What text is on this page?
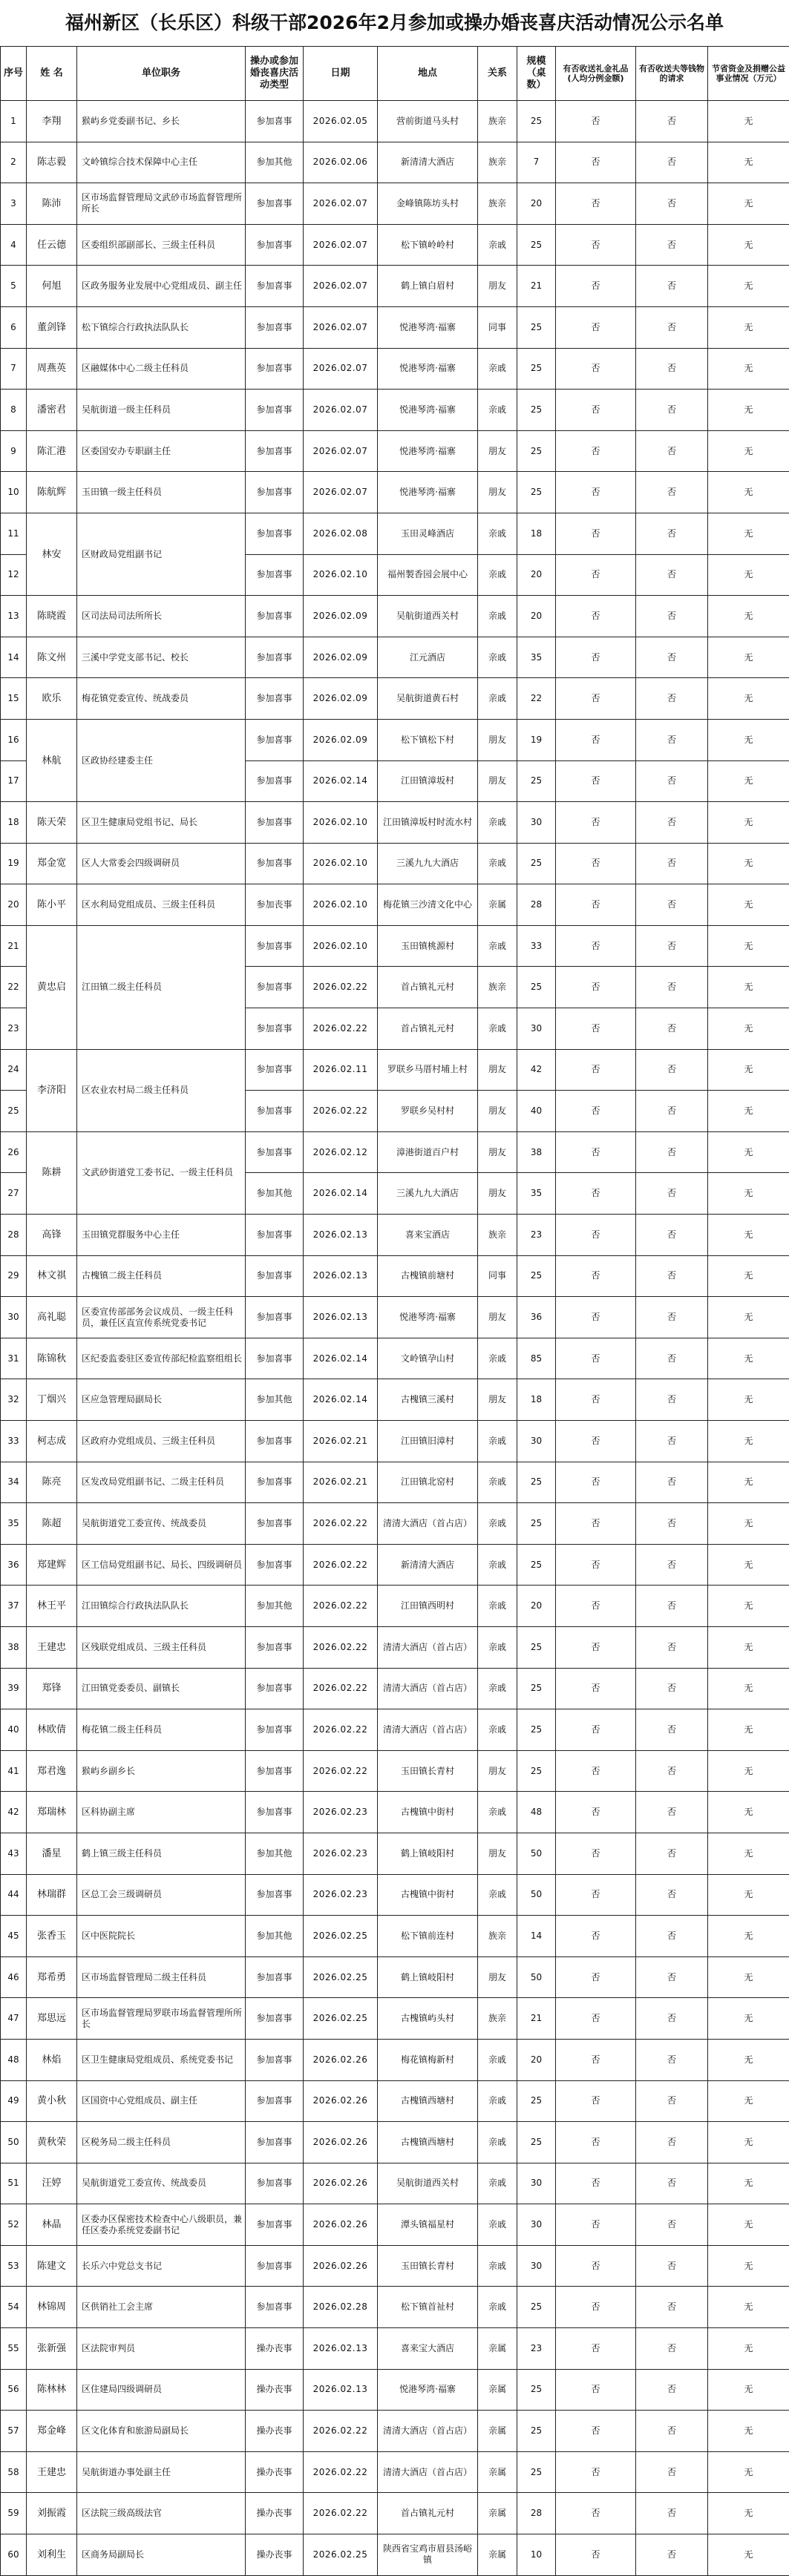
福州新区（长乐区）科级干部2026年2月参加或操办婚丧喜庆活动情况公示名单
序号	姓 名	单位职务	操办或参加婚丧喜庆活动类型	日期	地点	关系	规模（桌数）	有否收送礼金礼品(人均分例金额)	有否收送夫等钱物的请求	节省资金及捐赠公益事业情况（万元）
1	李翔	猴屿乡党委副书记、乡长	参加喜事	2026.02.05	营前街道马头村	族亲	25	否	否	无
2	陈志毅	文岭镇综合技术保障中心主任	参加其他	2026.02.06	新清清大酒店	族亲	7	否	否	无
3	陈沛	区市场监督管理局文武砂市场监督管理所所长	参加喜事	2026.02.07	金峰镇陈坊头村	族亲	20	否	否	无
4	任云德	区委组织部副部长、三级主任科员	参加喜事	2026.02.07	松下镇岭岭村	亲戚	25	否	否	无
5	何旭	区政务服务业发展中心党组成员、副主任	参加喜事	2026.02.07	鹤上镇白眉村	朋友	21	否	否	无
6	董剑锋	松下镇综合行政执法队队长	参加喜事	2026.02.07	悦港琴湾·福寨	同事	25	否	否	无
7	周燕英	区融媒体中心二级主任科员	参加喜事	2026.02.07	悦港琴湾·福寨	亲戚	25	否	否	无
8	潘密君	吴航街道一级主任科员	参加喜事	2026.02.07	悦港琴湾·福寨	亲戚	25	否	否	无
9	陈汇港	区委国安办专职副主任	参加喜事	2026.02.07	悦港琴湾·福寨	朋友	25	否	否	无
10	陈航辉	玉田镇一级主任科员	参加喜事	2026.02.07	悦港琴湾·福寨	朋友	25	否	否	无
11	林安	区财政局党组副书记	参加喜事	2026.02.08	玉田灵峰酒店	亲戚	18	否	否	无
12			参加喜事	2026.02.10	福州製香园会展中心	亲戚	20	否	否	无
13	陈晓霞	区司法局司法所所长	参加喜事	2026.02.09	吴航街道西关村	亲戚	20	否	否	无
14	陈文州	三溪中学党支部书记、校长	参加喜事	2026.02.09	江元酒店	亲戚	35	否	否	无
15	欧乐	梅花镇党委宣传、统战委员	参加喜事	2026.02.09	吴航街道黄石村	亲戚	22	否	否	无
16	林航	区政协经建委主任	参加喜事	2026.02.09	松下镇松下村	朋友	19	否	否	无
17			参加喜事	2026.02.14	江田镇漳坂村	朋友	25	否	否	无
18	陈天荣	区卫生健康局党组书记、局长	参加喜事	2026.02.10	江田镇漳坂村时流水村	亲戚	30	否	否	无
19	郑金宽	区人大常委会四级调研员	参加喜事	2026.02.10	三溪九九大酒店	亲戚	25	否	否	无
20	陈小平	区水利局党组成员、三级主任科员	参加丧事	2026.02.10	梅花镇三沙清文化中心	亲属	28	否	否	无
21	黄忠启	江田镇二级主任科员	参加喜事	2026.02.10	玉田镇桃源村	亲戚	33	否	否	无
22			参加喜事	2026.02.22	首占镇礼元村	族亲	25	否	否	无
23			参加喜事	2026.02.22	首占镇礼元村	亲戚	30	否	否	无
24	李济阳	区农业农村局二级主任科员	参加喜事	2026.02.11	罗联乡马厝村埔上村	朋友	42	否	否	无
25			参加喜事	2026.02.22	罗联乡吴村村	朋友	40	否	否	无
26	陈耕	文武砂街道党工委书记、一级主任科员	参加喜事	2026.02.12	漳港街道百户村	朋友	38	否	否	无
27			参加其他	2026.02.14	三溪九九大酒店	朋友	35	否	否	无
28	高锋	玉田镇党群服务中心主任	参加喜事	2026.02.13	喜来宝酒店	族亲	23	否	否	无
29	林文祺	古槐镇二级主任科员	参加喜事	2026.02.13	古槐镇前塘村	同事	25	否	否	无
30	高礼聪	区委宣传部部务会议成员、一级主任科员，兼任区直宣传系统党委书记	参加喜事	2026.02.13	悦港琴湾·福寨	朋友	36	否	否	无
31	陈锦秋	区纪委监委驻区委宣传部纪检监察组组长	参加喜事	2026.02.14	文岭镇孕山村	亲戚	85	否	否	无
32	丁烟兴	区应急管理局副局长	参加其他	2026.02.14	古槐镇三溪村	朋友	18	否	否	无
33	柯志成	区政府办党组成员、三级主任科员	参加喜事	2026.02.21	江田镇旧漳村	亲戚	30	否	否	无
34	陈亮	区发改局党组副书记、二级主任科员	参加喜事	2026.02.21	江田镇北窑村	亲戚	25	否	否	无
35	陈超	吴航街道党工委宣传、统战委员	参加喜事	2026.02.22	清清大酒店（首占店）	亲戚	25	否	否	无
36	郑建辉	区工信局党组副书记、局长、四级调研员	参加喜事	2026.02.22	新清清大酒店	亲戚	25	否	否	无
37	林王平	江田镇综合行政执法队队长	参加其他	2026.02.22	江田镇西明村	亲戚	20	否	否	无
38	王建忠	区残联党组成员、三级主任科员	参加喜事	2026.02.22	清清大酒店（首占店）	亲戚	25	否	否	无
39	郑锋	江田镇党委委员、副镇长	参加喜事	2026.02.22	清清大酒店（首占店）	亲戚	25	否	否	无
40	林欧倩	梅花镇二级主任科员	参加喜事	2026.02.22	清清大酒店（首占店）	亲戚	25	否	否	无
41	郑君逸	猴屿乡副乡长	参加喜事	2026.02.22	玉田镇长青村	朋友	25	否	否	无
42	郑瑞林	区科协副主席	参加喜事	2026.02.23	古槐镇中街村	亲戚	48	否	否	无
43	潘星	鹤上镇三级主任科员	参加其他	2026.02.23	鹤上镇岐阳村	朋友	50	否	否	无
44	林瑞群	区总工会三级调研员	参加喜事	2026.02.23	古槐镇中街村	亲戚	50	否	否	无
45	张香玉	区中医院院长	参加其他	2026.02.25	松下镇前连村	族亲	14	否	否	无
46	郑希勇	区市场监督管理局二级主任科员	参加喜事	2026.02.25	鹤上镇岐阳村	朋友	50	否	否	无
47	郑思远	区市场监督管理局罗联市场监督管理所所长	参加喜事	2026.02.25	古槐镇屿头村	族亲	21	否	否	无
48	林焰	区卫生健康局党组成员、系统党委书记	参加喜事	2026.02.26	梅花镇梅新村	亲戚	20	否	否	无
49	黄小秋	区国资中心党组成员、副主任	参加喜事	2026.02.26	古槐镇西塘村	亲戚	25	否	否	无
50	黄秋荣	区税务局二级主任科员	参加喜事	2026.02.26	古槐镇西塘村	亲戚	25	否	否	无
51	汪婷	吴航街道党工委宣传、统战委员	参加喜事	2026.02.26	吴航街道西关村	亲戚	30	否	否	无
52	林晶	区委办区保密技术检查中心八级职员，兼任区委办系统党委副书记	参加喜事	2026.02.26	潭头镇福星村	亲戚	30	否	否	无
53	陈建文	长乐六中党总支书记	参加喜事	2026.02.26	玉田镇长青村	亲戚	30	否	否	无
54	林锦周	区供销社工会主席	参加喜事	2026.02.28	松下镇首祉村	亲戚	25	否	否	无
55	张新强	区法院审判员	操办丧事	2026.02.13	喜来宝大酒店	亲属	23	否	否	无
56	陈林林	区住建局四级调研员	操办丧事	2026.02.13	悦港琴湾·福寨	亲属	25	否	否	无
57	郑金峰	区文化体育和旅游局副局长	操办丧事	2026.02.22	清清大酒店（首占店）	亲属	25	否	否	无
58	王建忠	吴航街道办事处副主任	操办丧事	2026.02.22	清清大酒店（首占店）	亲属	25	否	否	无
59	刘振霞	区法院三级高级法官	操办丧事	2026.02.22	首占镇礼元村	亲属	28	否	否	无
60	刘利生	区商务局副局长	操办丧事	2026.02.25	陕西省宝鸡市眉县汤峪镇	亲属	10	否	否	无
